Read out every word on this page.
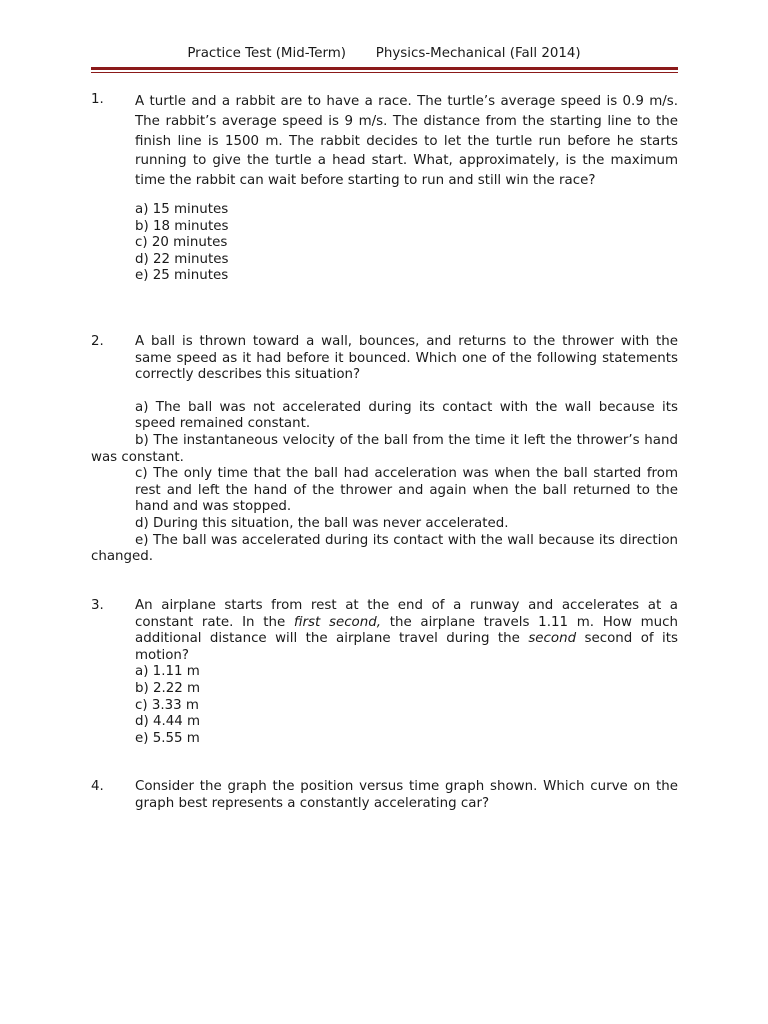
Practice Test (Mid-Term) Physics-Mechanical (Fall 2014)
1. A turtle and a rabbit are to have a race. The turtle’s average speed is 0.9 m/s. The rabbit’s average speed is 9 m/s. The distance from the starting line to the finish line is 1500 m. The rabbit decides to let the turtle run before he starts running to give the turtle a head start. What, approximately, is the maximum time the rabbit can wait before starting to run and still win the race?
a) 15 minutes
b) 18 minutes
c) 20 minutes
d) 22 minutes
e) 25 minutes
2. A ball is thrown toward a wall, bounces, and returns to the thrower with the same speed as it had before it bounced. Which one of the following statements correctly describes this situation?
a) The ball was not accelerated during its contact with the wall because its speed remained constant.
b) The instantaneous velocity of the ball from the time it left the thrower’s hand was constant.
c) The only time that the ball had acceleration was when the ball started from rest and left the hand of the thrower and again when the ball returned to the hand and was stopped.
d) During this situation, the ball was never accelerated.
e) The ball was accelerated during its contact with the wall because its direction changed.
3. An airplane starts from rest at the end of a runway and accelerates at a constant rate. In the first second, the airplane travels 1.11 m. How much additional distance will the airplane travel during the second second of its motion?
a) 1.11 m
b) 2.22 m
c) 3.33 m
d) 4.44 m
e) 5.55 m
4. Consider the graph the position versus time graph shown. Which curve on the graph best represents a constantly accelerating car?
